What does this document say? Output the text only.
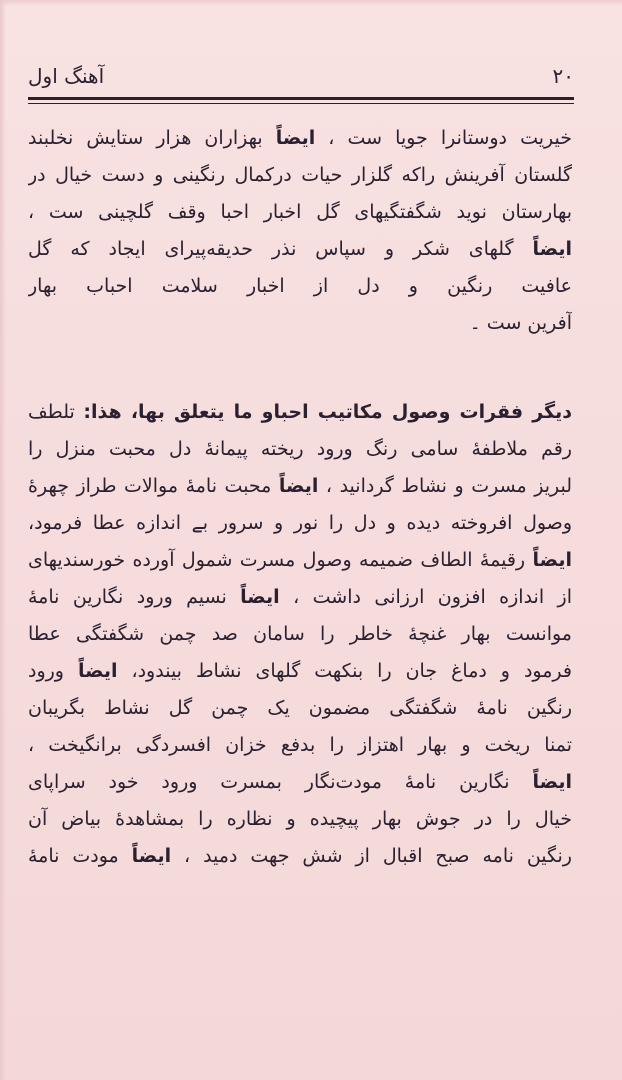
۲۰
آهنگ اول
خیریت دوستانرا جویا ست ، ایضاً بهزاران هزار ستایش نخلبند
گلستان آفرینش راکه گلزار حیات درکمال رنگینی و دست خیال در
بهارستان نوید شگفتگیهای گل اخبار احبا وقف گلچینی ست ،
ایضاً گلهای شکر و سپاس نذر حدیقه‌پیرای ایجاد که گل
عافیت رنگین و دل از اخبار سلامت احباب بهار
آفرین ست ۔
دیگر فقرات وصول مکاتیب احباو ما یتعلق بها، هذا: تلطف
رقم ملاطفهٔ سامی رنگ ورود ریخته پیمانهٔ دل محبت منزل را
لبریز مسرت و نشاط گردانید ، ایضاً محبت نامهٔ موالات طراز چهرهٔ
وصول افروخته دیده و دل را نور و سرور بے اندازه عطا فرمود،
ایضاً رقیمهٔ الطاف ضمیمه وصول مسرت شمول آورده خورسندیهای
از اندازه افزون ارزانی داشت ، ایضاً نسیم ورود نگارین نامهٔ
موانست بهار غنچهٔ خاطر را سامان صد چمن شگفتگی عطا
فرمود و دماغ جان را بنکهت گلهای نشاط بیندود، ایضاً ورود
رنگین نامهٔ شگفتگی مضمون یک چمن گل نشاط بگریبان
تمنا ریخت و بهار اهتزاز را بدفع خزان افسردگی برانگیخت ،
ایضاً نگارین نامهٔ مودت‌نگار بمسرت ورود خود سراپای
خیال را در جوش بهار پیچیده و نظاره را بمشاهدهٔ بیاض آن
رنگین نامه صبح اقبال از شش جهت دمید ، ایضاً مودت نامهٔ
